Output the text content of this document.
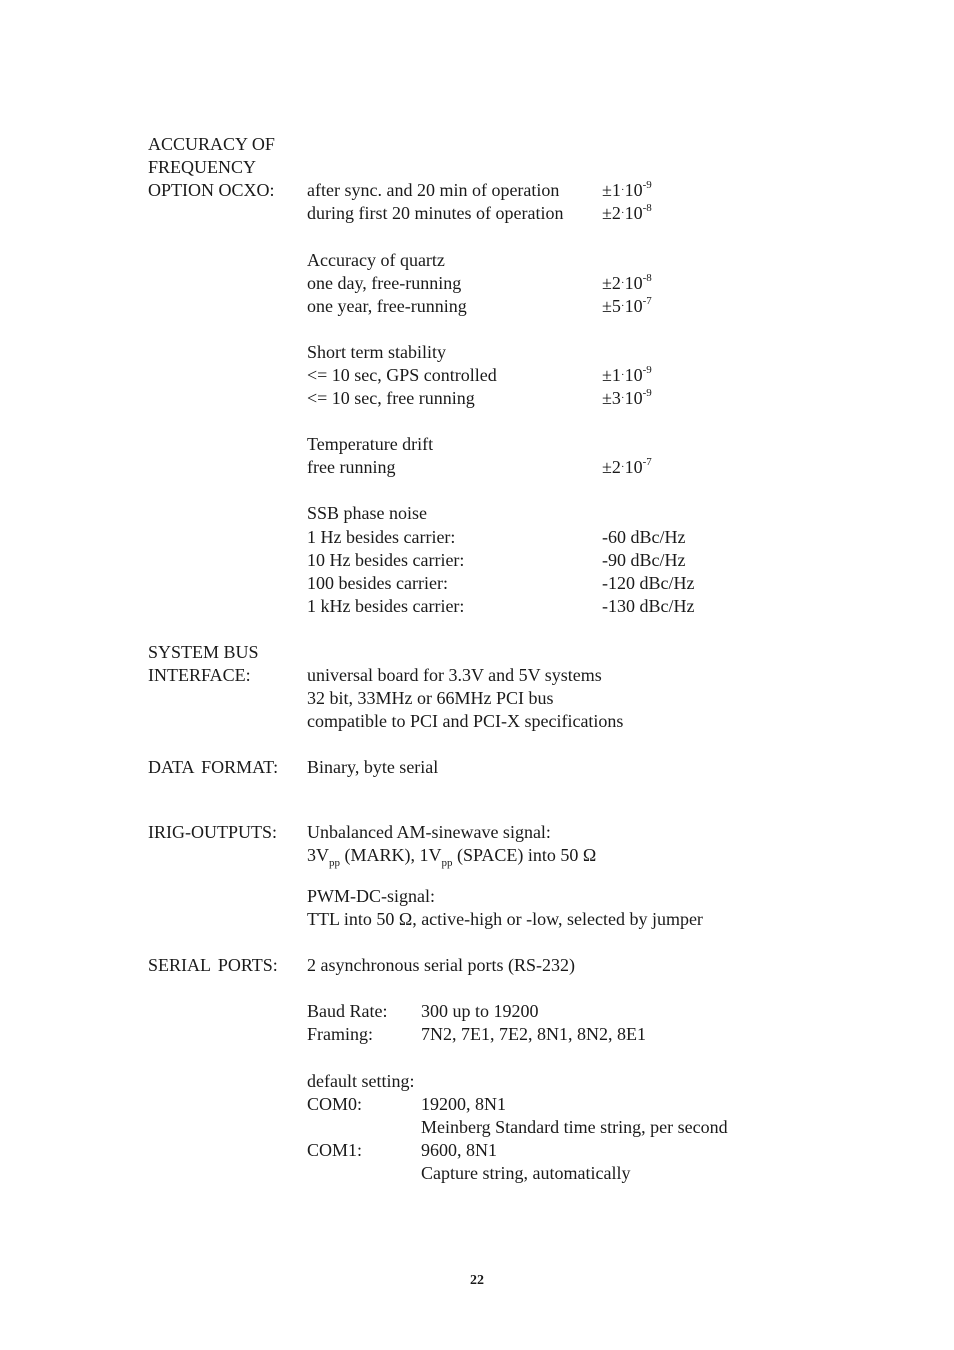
ACCURACY OF
FREQUENCY
OPTION OCXO: after sync. and 20 min of operation $\pm 1\cdot 10^{-9}$
during first 20 minutes of operation $\pm 2\cdot 10^{-8}$
Accuracy of quartz
one day, free-running	$\pm 2\cdot 10^{-8}$
one year, free-running	$\pm 5\cdot 10^{-7}$
Short term stability
<= 10 sec, GPS controlled	$\pm 1\cdot 10^{-9}$
<= 10 sec, free running	$\pm 3\cdot 10^{-9}$
Temperature drift
free running	$\pm 2\cdot 10^{-7}$
SSB phase noise
1 Hz besides carrier:	-60 dBc/Hz
10 Hz besides carrier:	-90 dBc/Hz
100 besides carrier:	-120 dBc/Hz
1 kHz besides carrier:	-130 dBc/Hz
SYSTEM BUS
INTERFACE:	universal board for 3.3V and 5V systems
32 bit, 33MHz or 66MHz PCI bus
compatible to PCI and PCI-X specifications
DATA FORMAT: Binary, byte serial
IRIG-OUTPUTS: Unbalanced AM-sinewave signal:
$3V_{pp}$ (MARK), $1V_{pp}$ (SPACE) into 50 Ω
PWM-DC-signal:
TTL into 50 Ω, active-high or -low, selected by jumper
SERIAL PORTS: 2 asynchronous serial ports (RS-232)
Baud Rate: 300 up to 19200
Framing:	7N2, 7E1, 7E2, 8N1, 8N2, 8E1
default setting:
COM0:	19200, 8N1
Meinberg Standard time string, per second
COM1:	9600, 8N1
Capture string, automatically
22
